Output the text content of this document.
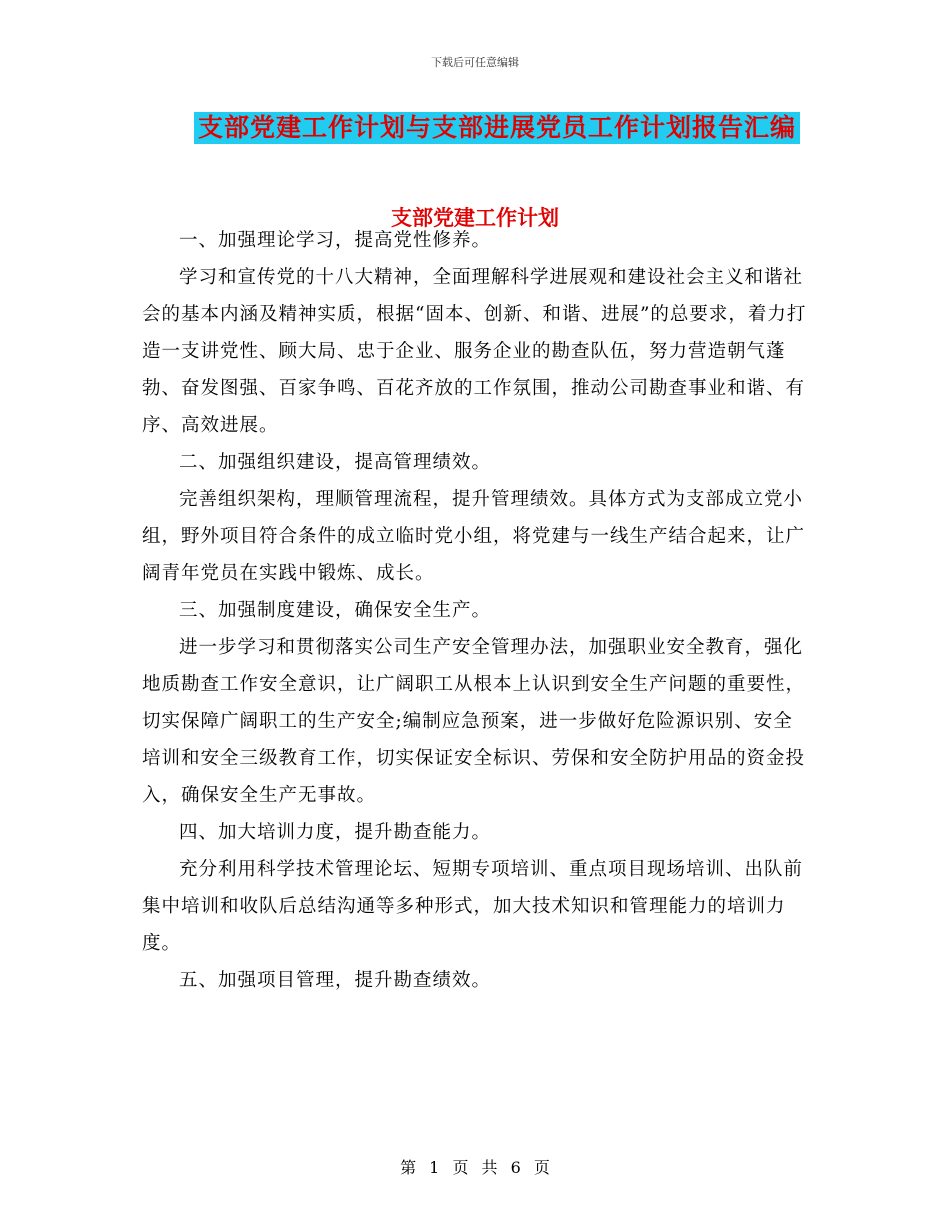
下载后可任意编辑
支部党建工作计划与支部进展党员工作计划报告汇编
支部党建工作计划

一、加强理论学习，提高党性修养。

学习和宣传党的十八大精神，全面理解科学进展观和建设社会主义和谐社会的基本内涵及精神实质，根据“固本、创新、和谐、进展”的总要求，着力打造一支讲党性、顾大局、忠于企业、服务企业的勘查队伍，努力营造朝气蓬勃、奋发图强、百家争鸣、百花齐放的工作氛围，推动公司勘查事业和谐、有序、高效进展。

二、加强组织建设，提高管理绩效。

完善组织架构，理顺管理流程，提升管理绩效。具体方式为支部成立党小组，野外项目符合条件的成立临时党小组，将党建与一线生产结合起来，让广阔青年党员在实践中锻炼、成长。

三、加强制度建设，确保安全生产。

进一步学习和贯彻落实公司生产安全管理办法，加强职业安全教育，强化地质勘查工作安全意识，让广阔职工从根本上认识到安全生产问题的重要性，切实保障广阔职工的生产安全;编制应急预案，进一步做好危险源识别、安全培训和安全三级教育工作，切实保证安全标识、劳保和安全防护用品的资金投入，确保安全生产无事故。

四、加大培训力度，提升勘查能力。

充分利用科学技术管理论坛、短期专项培训、重点项目现场培训、出队前集中培训和收队后总结沟通等多种形式，加大技术知识和管理能力的培训力度。

五、加强项目管理，提升勘查绩效。

第 1 页 共 6 页
